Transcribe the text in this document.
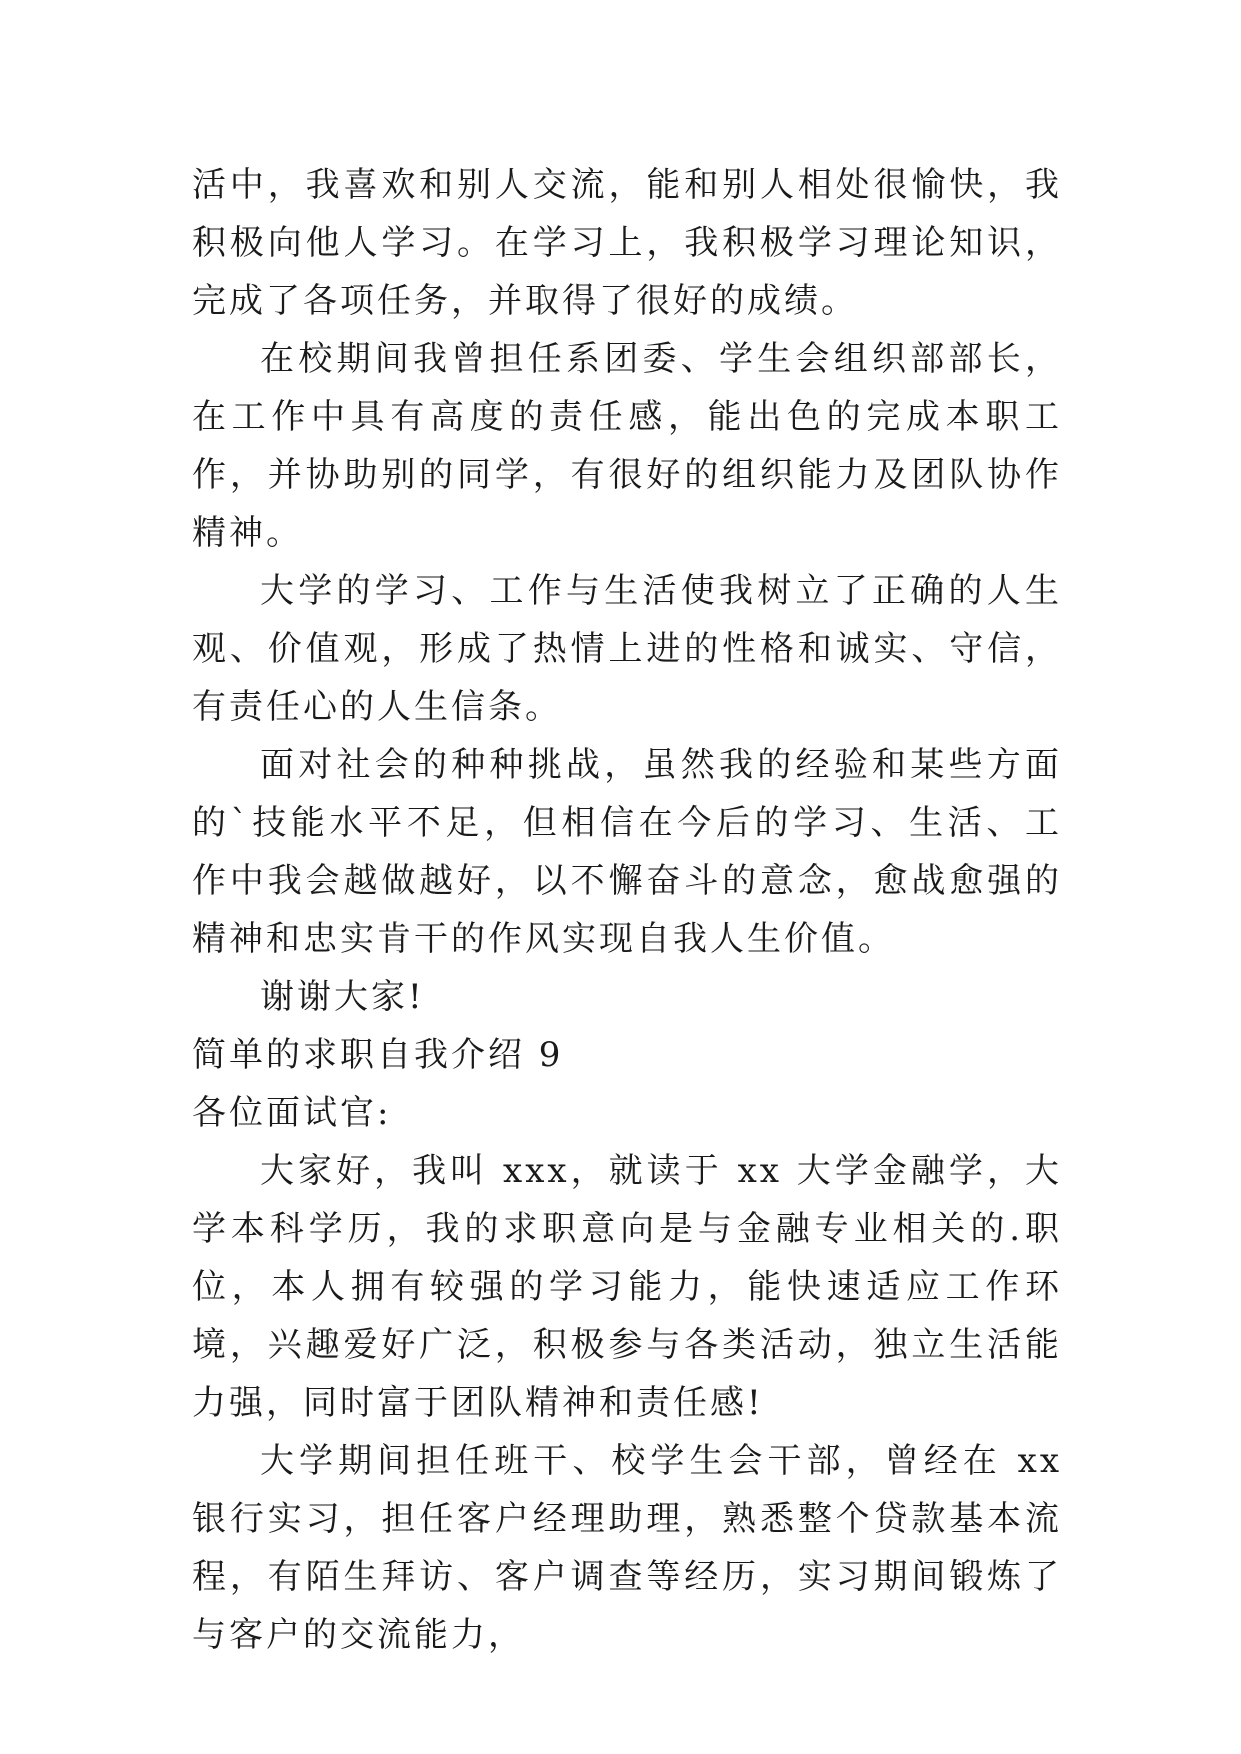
活中，我喜欢和别人交流，能和别人相处很愉快，我积极向他人学习。在学习上，我积极学习理论知识，完成了各项任务，并取得了很好的成绩。

在校期间我曾担任系团委、学生会组织部部长，在工作中具有高度的责任感，能出色的完成本职工作，并协助别的同学，有很好的组织能力及团队协作精神。

大学的学习、工作与生活使我树立了正确的人生观、价值观，形成了热情上进的性格和诚实、守信，有责任心的人生信条。

面对社会的种种挑战，虽然我的经验和某些方面的`技能水平不足，但相信在今后的学习、生活、工作中我会越做越好，以不懈奋斗的意念，愈战愈强的精神和忠实肯干的作风实现自我人生价值。

谢谢大家!

简单的求职自我介绍 9

各位面试官:

大家好，我叫 xxx，就读于 xx 大学金融学，大学本科学历，我的求职意向是与金融专业相关的.职位，本人拥有较强的学习能力，能快速适应工作环境，兴趣爱好广泛，积极参与各类活动，独立生活能力强，同时富于团队精神和责任感!

大学期间担任班干、校学生会干部，曾经在 xx 银行实习，担任客户经理助理，熟悉整个贷款基本流程，有陌生拜访、客户调查等经历，实习期间锻炼了与客户的交流能力，
